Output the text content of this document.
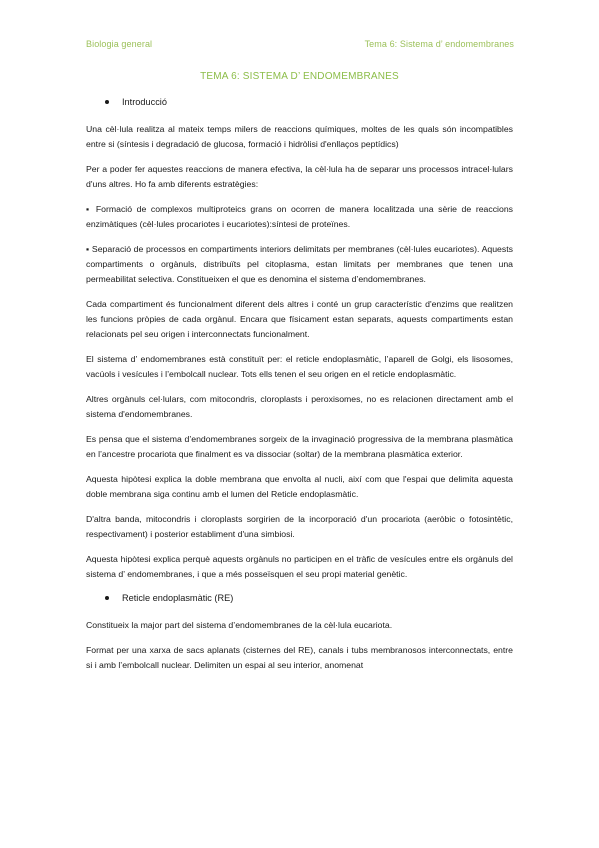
Biologia general	Tema 6: Sistema d’ endomembranes
TEMA 6: SISTEMA D’ ENDOMEMBRANES
Introducció

Una cèl·lula realitza al mateix temps milers de reaccions químiques, moltes de les quals són incompatibles entre si (síntesis i degradació de glucosa, formació i hidròlisi d'enllaços peptídics)

Per a poder fer aquestes reaccions de manera efectiva, la cèl·lula ha de separar uns processos intracel·lulars d'uns altres. Ho fa amb diferents estratègies:

▪ Formació de complexos multiproteics grans on ocorren de manera localitzada una sèrie de reaccions enzimàtiques (cèl·lules procariotes i eucariotes):síntesi de proteïnes.

▪ Separació de processos en compartiments interiors delimitats per membranes (cèl·lules eucariotes). Aquests compartiments o orgànuls, distribuïts pel citoplasma, estan limitats per membranes que tenen una permeabilitat selectiva. Constitueixen el que es denomina el sistema d’endomembranes.

Cada compartiment és funcionalment diferent dels altres i conté un grup característic d'enzims que realitzen les funcions pròpies de cada orgànul. Encara que físicament estan separats, aquests compartiments estan relacionats pel seu origen i interconnectats funcionalment.

El sistema d’ endomembranes està constituït per: el reticle endoplasmàtic, l’aparell de Golgi, els lisosomes, vacúols i vesícules i l’embolcall nuclear. Tots ells tenen el seu origen en el reticle endoplasmàtic.

Altres orgànuls cel·lulars, com mitocondris, cloroplasts i peroxisomes, no es relacionen directament amb el sistema d'endomembranes.

Es pensa que el sistema d’endomembranes sorgeix de la invaginació progressiva de la membrana plasmàtica en l’ancestre procariota que finalment es va dissociar (soltar) de la membrana plasmàtica exterior.

Aquesta hipòtesi explica la doble membrana que envolta al nucli, així com que l'espai que delimita aquesta doble membrana siga continu amb el lumen del Reticle endoplasmàtic.

D'altra banda, mitocondris i cloroplasts sorgirien de la incorporació d'un procariota (aeròbic o fotosintètic, respectivament) i posterior establiment d'una simbiosi.

Aquesta hipòtesi explica perquè aquests orgànuls no participen en el tràfic de vesícules entre els orgànuls del sistema d’ endomembranes, i que a més posseïsquen el seu propi material genètic.

Reticle endoplasmàtic (RE)

Constitueix la major part del sistema d’endomembranes de la cèl·lula eucariota.

Format per una xarxa de sacs aplanats (cisternes del RE), canals i tubs membranosos interconnectats, entre si i amb l’embolcall nuclear. Delimiten un espai al seu interior, anomenat
